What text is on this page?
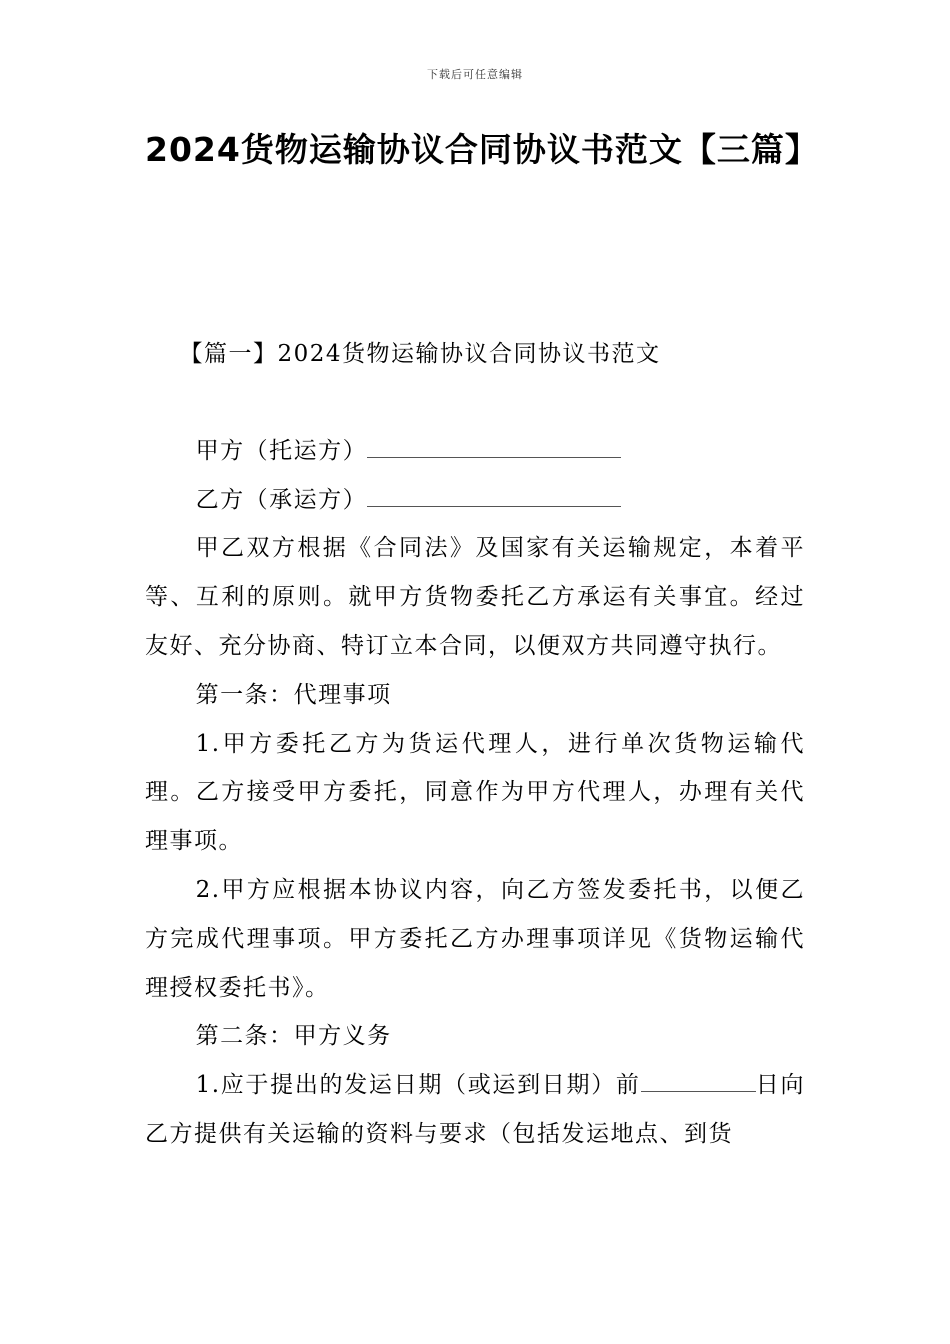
下载后可任意编辑
2024货物运输协议合同协议书范文【三篇】

【篇一】2024货物运输协议合同协议书范文

甲方（托运方）

乙方（承运方）

甲乙双方根据《合同法》及国家有关运输规定，本着平等、互利的原则。就甲方货物委托乙方承运有关事宜。经过友好、充分协商、特订立本合同，以便双方共同遵守执行。

第一条：代理事项

1.甲方委托乙方为货运代理人，进行单次货物运输代理。乙方接受甲方委托，同意作为甲方代理人，办理有关代理事项。

2.甲方应根据本协议内容，向乙方签发委托书，以便乙方完成代理事项。甲方委托乙方办理事项详见《货物运输代理授权委托书》。

第二条：甲方义务

1.应于提出的发运日期（或运到日期）前	日向乙方提供有关运输的资料与要求（包括发运地点、到货
